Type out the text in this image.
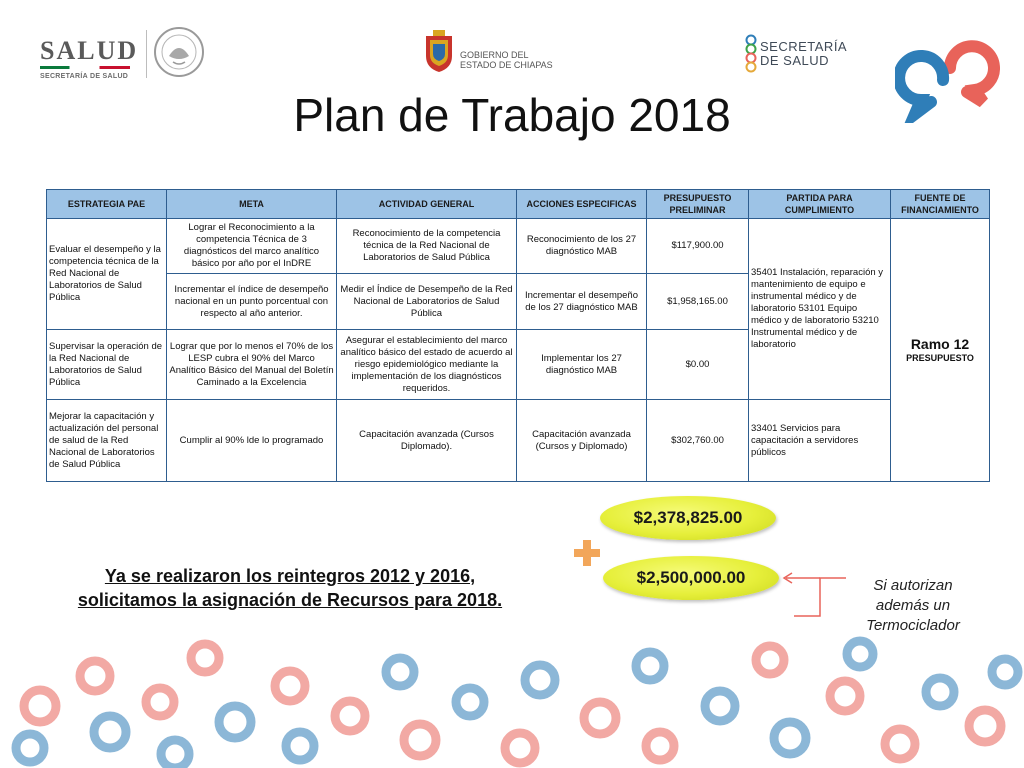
SALUD
SECRETARÍA DE SALUD
GOBIERNO DEL
ESTADO DE CHIAPAS
SECRETARÍA
DE SALUD
Plan de Trabajo 2018
ESTRATEGIA PAE	META	ACTIVIDAD GENERAL	ACCIONES ESPECIFICAS	PRESUPUESTO PRELIMINAR	PARTIDA PARA CUMPLIMIENTO	FUENTE DE FINANCIAMIENTO
Evaluar el desempeño y la competencia técnica de la Red Nacional de Laboratorios de Salud Pública	Lograr el Reconocimiento a la competencia Técnica de 3 diagnósticos del marco analítico básico por año por el InDRE	Reconocimiento de la competencia técnica de la Red Nacional de Laboratorios de Salud Pública	Reconocimiento de los 27 diagnóstico MAB	$117,900.00	35401 Instalación, reparación y mantenimiento de equipo e instrumental médico y de laboratorio 53101 Equipo médico y de laboratorio 53210 Instrumental médico y de laboratorio	Ramo 12
PRESUPUESTO

	Incrementar el índice de desempeño nacional en un punto porcentual con respecto al año anterior.	Medir el Índice de Desempeño de la Red Nacional de Laboratorios de Salud Pública	Incrementar el desempeño de los 27 diagnóstico MAB	$1,958,165.00		
Supervisar la operación de la Red Nacional de Laboratorios de Salud Pública	Lograr que por lo menos el 70% de los LESP cubra el 90% del Marco Analítico Básico del Manual del Boletín Caminado a la Excelencia	Asegurar el establecimiento del marco analítico básico del estado de acuerdo al riesgo epidemiológico mediante la implementación de los diagnósticos requeridos.	Implementar los 27 diagnóstico MAB	$0.00		
Mejorar la capacitación y actualización del personal de salud de la Red Nacional de Laboratorios de Salud Pública	Cumplir al 90% lde lo programado	Capacitación avanzada (Cursos Diplomado).	Capacitación avanzada (Cursos y Diplomado)	$302,760.00	33401 Servicios para capacitación a servidores públicos	
Ya se realizaron los reintegros 2012 y 2016,
solicitamos la asignación de Recursos para 2018.
$2,378,825.00
$2,500,000.00	Si autorizan
además un
Termociclador
